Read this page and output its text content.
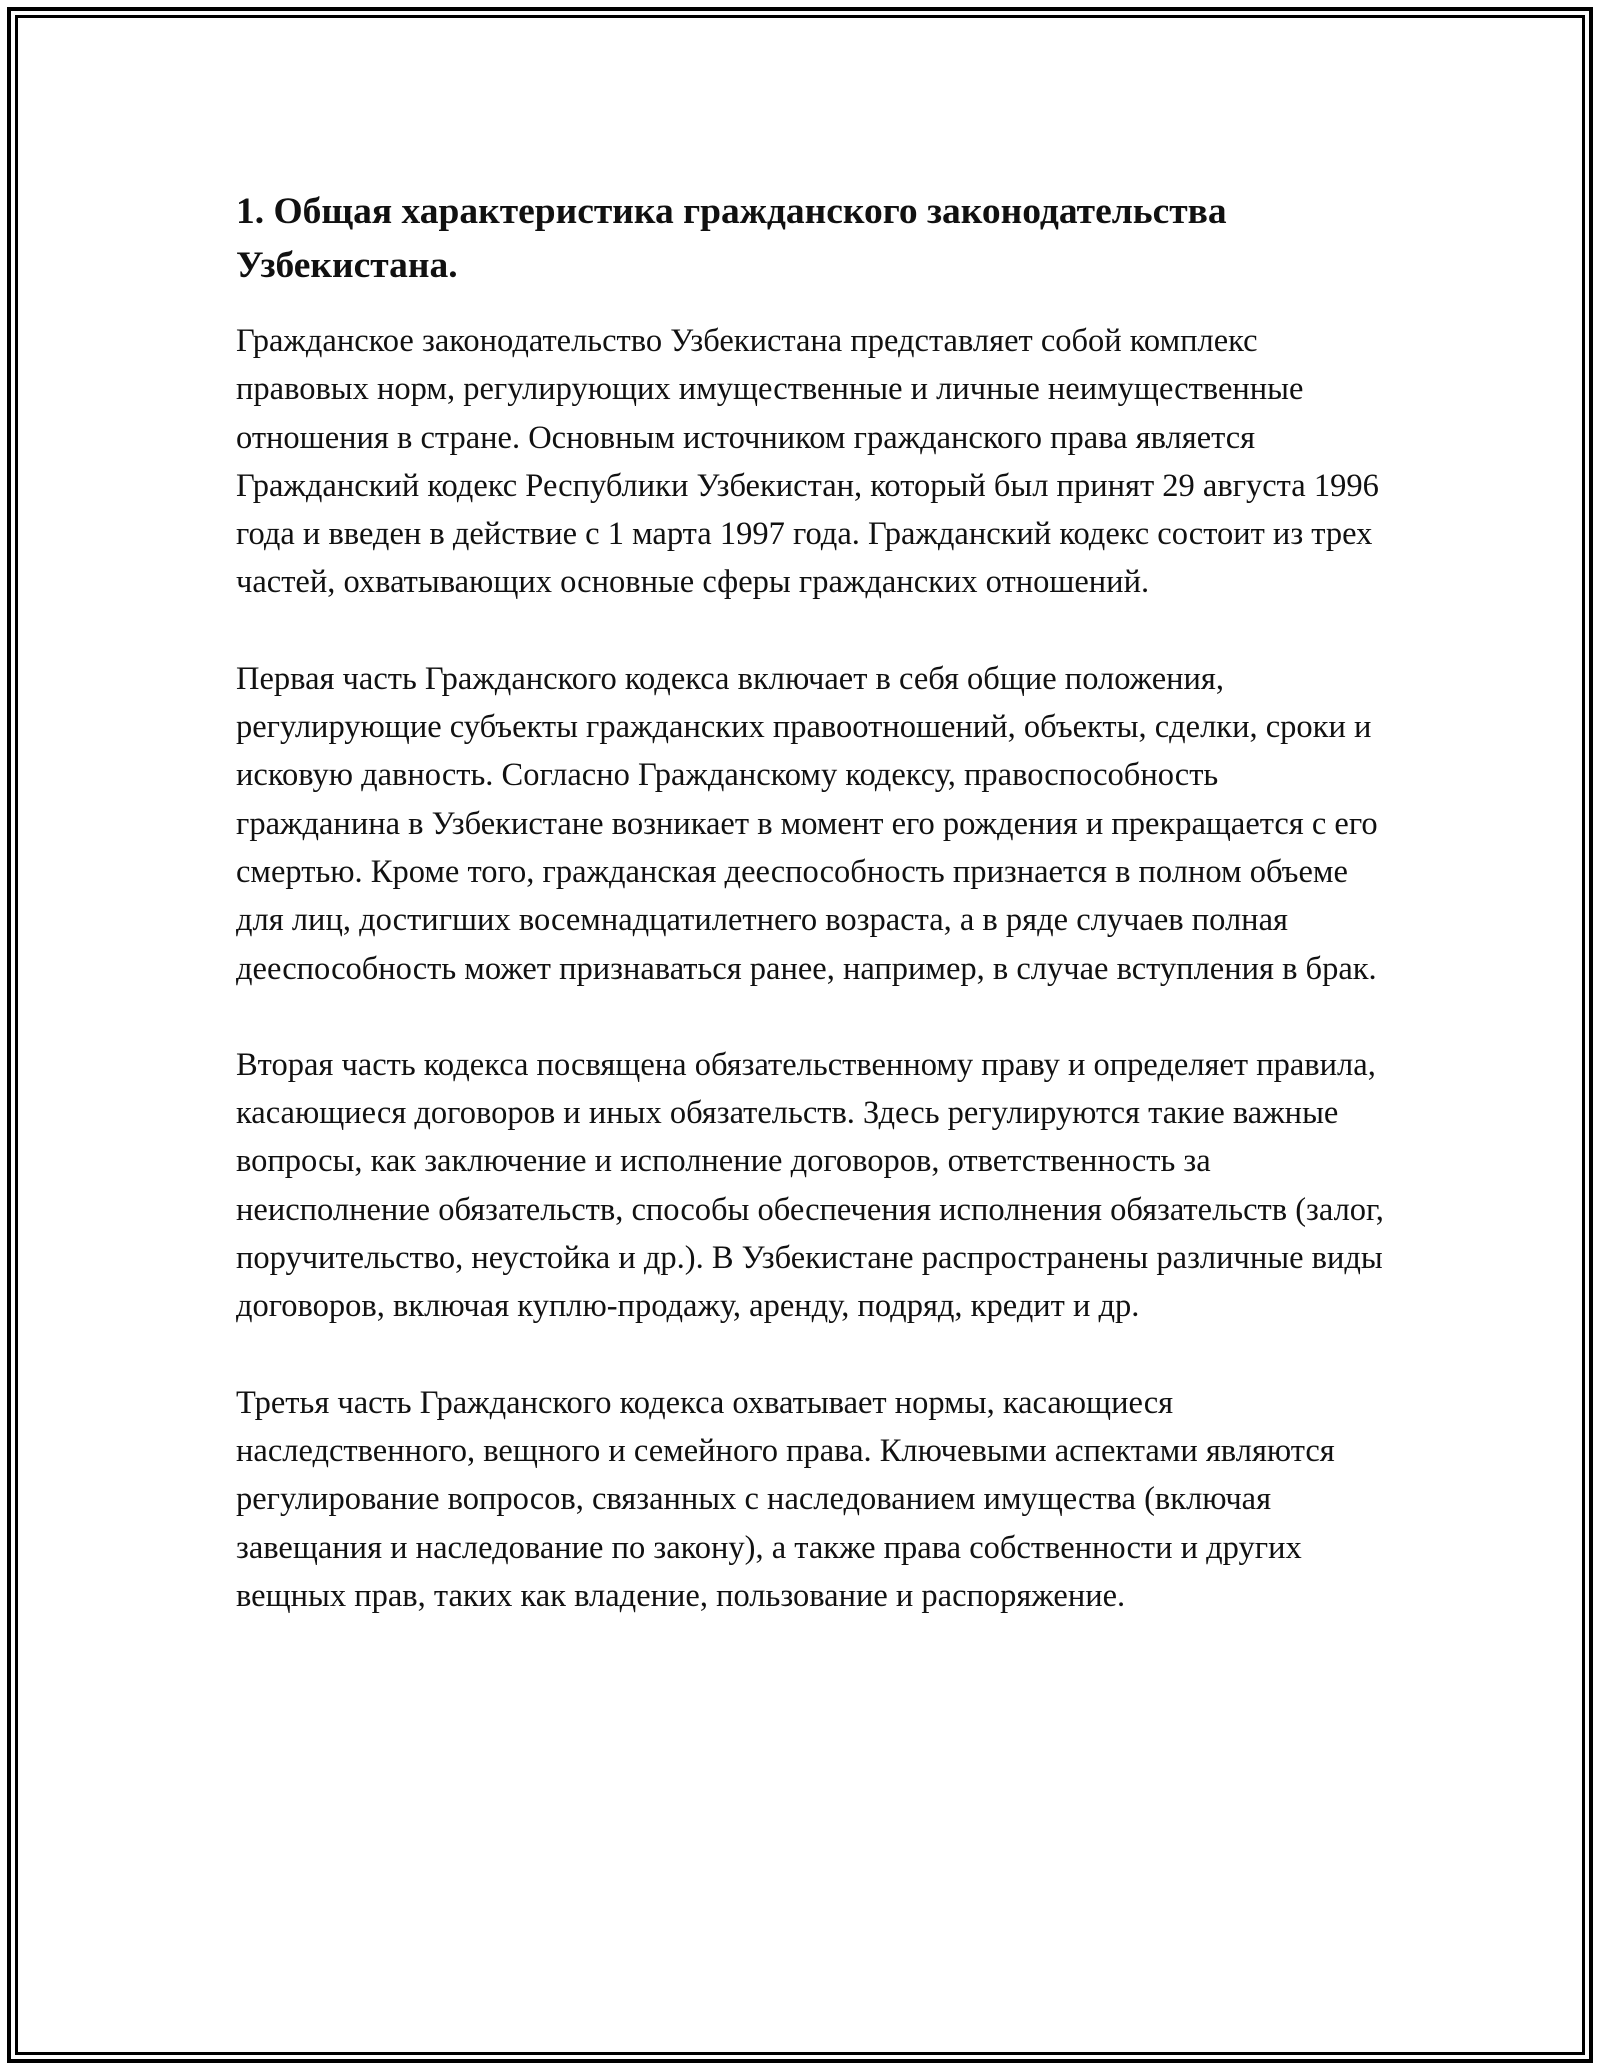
1. Общая характеристика гражданского законодательства Узбекистана.

Гражданское законодательство Узбекистана представляет собой комплекс правовых норм, регулирующих имущественные и личные неимущественные отношения в стране. Основным источником гражданского права является Гражданский кодекс Республики Узбекистан, который был принят 29 августа 1996 года и введен в действие с 1 марта 1997 года. Гражданский кодекс состоит из трех частей, охватывающих основные сферы гражданских отношений.

Первая часть Гражданского кодекса включает в себя общие положения, регулирующие субъекты гражданских правоотношений, объекты, сделки, сроки и исковую давность. Согласно Гражданскому кодексу, правоспособность гражданина в Узбекистане возникает в момент его рождения и прекращается с его смертью. Кроме того, гражданская дееспособность признается в полном объеме для лиц, достигших восемнадцатилетнего возраста, а в ряде случаев полная дееспособность может признаваться ранее, например, в случае вступления в брак.

Вторая часть кодекса посвящена обязательственному праву и определяет правила, касающиеся договоров и иных обязательств. Здесь регулируются такие важные вопросы, как заключение и исполнение договоров, ответственность за неисполнение обязательств, способы обеспечения исполнения обязательств (залог, поручительство, неустойка и др.). В Узбекистане распространены различные виды договоров, включая куплю-продажу, аренду, подряд, кредит и др.

Третья часть Гражданского кодекса охватывает нормы, касающиеся наследственного, вещного и семейного права. Ключевыми аспектами являются регулирование вопросов, связанных с наследованием имущества (включая завещания и наследование по закону), а также права собственности и других вещных прав, таких как владение, пользование и распоряжение.
